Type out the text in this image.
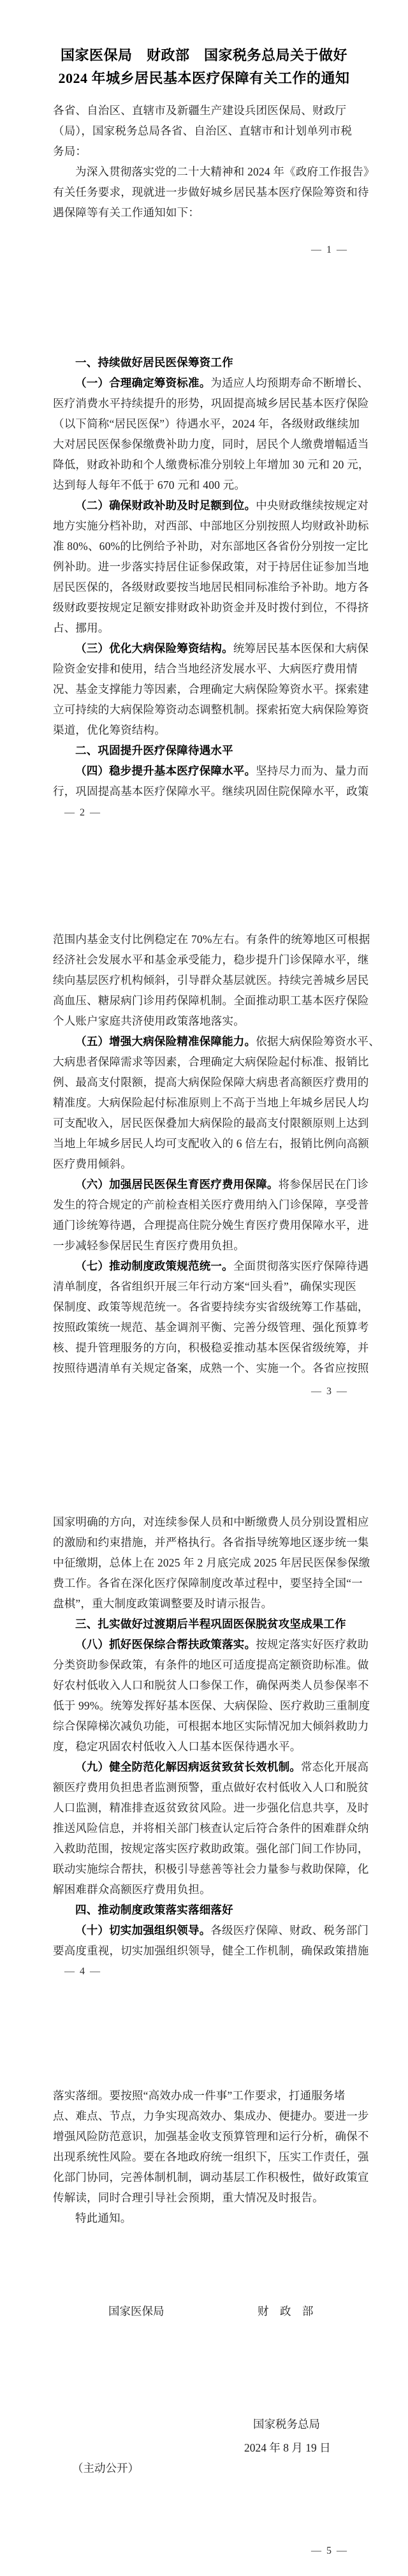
国家医保局　财政部　国家税务总局关于做好
2024 年城乡居民基本医疗保障有关工作的通知
各省、自治区、直辖市及新疆生产建设兵团医保局、财政厅
（局），国家税务总局各省、自治区、直辖市和计划单列市税
务局：
为深入贯彻落实党的二十大精神和 2024 年《政府工作报告》
有关任务要求，现就进一步做好城乡居民基本医疗保险筹资和待
遇保障等有关工作通知如下：
一、持续做好居民医保筹资工作
（一）合理确定筹资标准。为适应人均预期寿命不断增长、
医疗消费水平持续提升的形势，巩固提高城乡居民基本医疗保险
（以下简称“居民医保”）待遇水平，2024 年，各级财政继续加
大对居民医保参保缴费补助力度，同时，居民个人缴费增幅适当
降低，财政补助和个人缴费标准分别较上年增加 30 元和 20 元，
达到每人每年不低于 670 元和 400 元。
（二）确保财政补助及时足额到位。中央财政继续按规定对
地方实施分档补助，对西部、中部地区分别按照人均财政补助标
准 80%、60%的比例给予补助，对东部地区各省份分别按一定比
例补助。进一步落实持居住证参保政策，对于持居住证参加当地
居民医保的，各级财政要按当地居民相同标准给予补助。地方各
级财政要按规定足额安排财政补助资金并及时拨付到位，不得挤
占、挪用。
（三）优化大病保险筹资结构。统筹居民基本医保和大病保
险资金安排和使用，结合当地经济发展水平、大病医疗费用情
况、基金支撑能力等因素，合理确定大病保险筹资水平。探索建
立可持续的大病保险筹资动态调整机制。探索拓宽大病保险筹资
渠道，优化筹资结构。
二、巩固提升医疗保障待遇水平
（四）稳步提升基本医疗保障水平。坚持尽力而为、量力而
行，巩固提高基本医疗保障水平。继续巩固住院保障水平，政策
范围内基金支付比例稳定在 70%左右。有条件的统筹地区可根据
经济社会发展水平和基金承受能力，稳步提升门诊保障水平，继
续向基层医疗机构倾斜，引导群众基层就医。持续完善城乡居民
高血压、糖尿病门诊用药保障机制。全面推动职工基本医疗保险
个人账户家庭共济使用政策落地落实。
（五）增强大病保险精准保障能力。依据大病保险筹资水平、
大病患者保障需求等因素，合理确定大病保险起付标准、报销比
例、最高支付限额，提高大病保险保障大病患者高额医疗费用的
精准度。大病保险起付标准原则上不高于当地上年城乡居民人均
可支配收入，居民医保叠加大病保险的最高支付限额原则上达到
当地上年城乡居民人均可支配收入的 6 倍左右，报销比例向高额
医疗费用倾斜。
（六）加强居民医保生育医疗费用保障。将参保居民在门诊
发生的符合规定的产前检查相关医疗费用纳入门诊保障，享受普
通门诊统筹待遇，合理提高住院分娩生育医疗费用保障水平，进
一步减轻参保居民生育医疗费用负担。
（七）推动制度政策规范统一。全面贯彻落实医疗保障待遇
清单制度，各省组织开展三年行动方案“回头看”，确保实现医
保制度、政策等规范统一。各省要持续夯实省级统筹工作基础，
按照政策统一规范、基金调剂平衡、完善分级管理、强化预算考
核、提升管理服务的方向，积极稳妥推动基本医保省级统筹，并
按照待遇清单有关规定备案，成熟一个、实施一个。各省应按照
国家明确的方向，对连续参保人员和中断缴费人员分别设置相应
的激励和约束措施，并严格执行。各省指导统筹地区逐步统一集
中征缴期，总体上在 2025 年 2 月底完成 2025 年居民医保参保缴
费工作。各省在深化医疗保障制度改革过程中，要坚持全国“一
盘棋”，重大制度政策调整要及时请示报告。
三、扎实做好过渡期后半程巩固医保脱贫攻坚成果工作
（八）抓好医保综合帮扶政策落实。按规定落实好医疗救助
分类资助参保政策，有条件的地区可适度提高定额资助标准。做
好农村低收入人口和脱贫人口参保工作，确保两类人员参保率不
低于 99%。统筹发挥好基本医保、大病保险、医疗救助三重制度
综合保障梯次减负功能，可根据本地区实际情况加大倾斜救助力
度，稳定巩固农村低收入人口基本医保待遇水平。
（九）健全防范化解因病返贫致贫长效机制。常态化开展高
额医疗费用负担患者监测预警，重点做好农村低收入人口和脱贫
人口监测，精准排查返贫致贫风险。进一步强化信息共享，及时
推送风险信息，并将相关部门核查认定后符合条件的困难群众纳
入救助范围，按规定落实医疗救助政策。强化部门间工作协同，
联动实施综合帮扶，积极引导慈善等社会力量参与救助保障，化
解困难群众高额医疗费用负担。
四、推动制度政策落实落细落好
（十）切实加强组织领导。各级医疗保障、财政、税务部门
要高度重视，切实加强组织领导，健全工作机制，确保政策措施
落实落细。要按照“高效办成一件事”工作要求，打通服务堵
点、难点、节点，力争实现高效办、集成办、便捷办。要进一步
增强风险防范意识，加强基金收支预算管理和运行分析，确保不
出现系统性风险。要在各地政府统一组织下，压实工作责任，强
化部门协同，完善体制机制，调动基层工作积极性，做好政策宣
传解读，同时合理引导社会预期，重大情况及时报告。
特此通知。
— 1 —
— 2 —
— 3 —
— 4 —
— 5 —
国家医保局	财　政　部
国家税务总局
2024 年 8 月 19 日
（主动公开）
